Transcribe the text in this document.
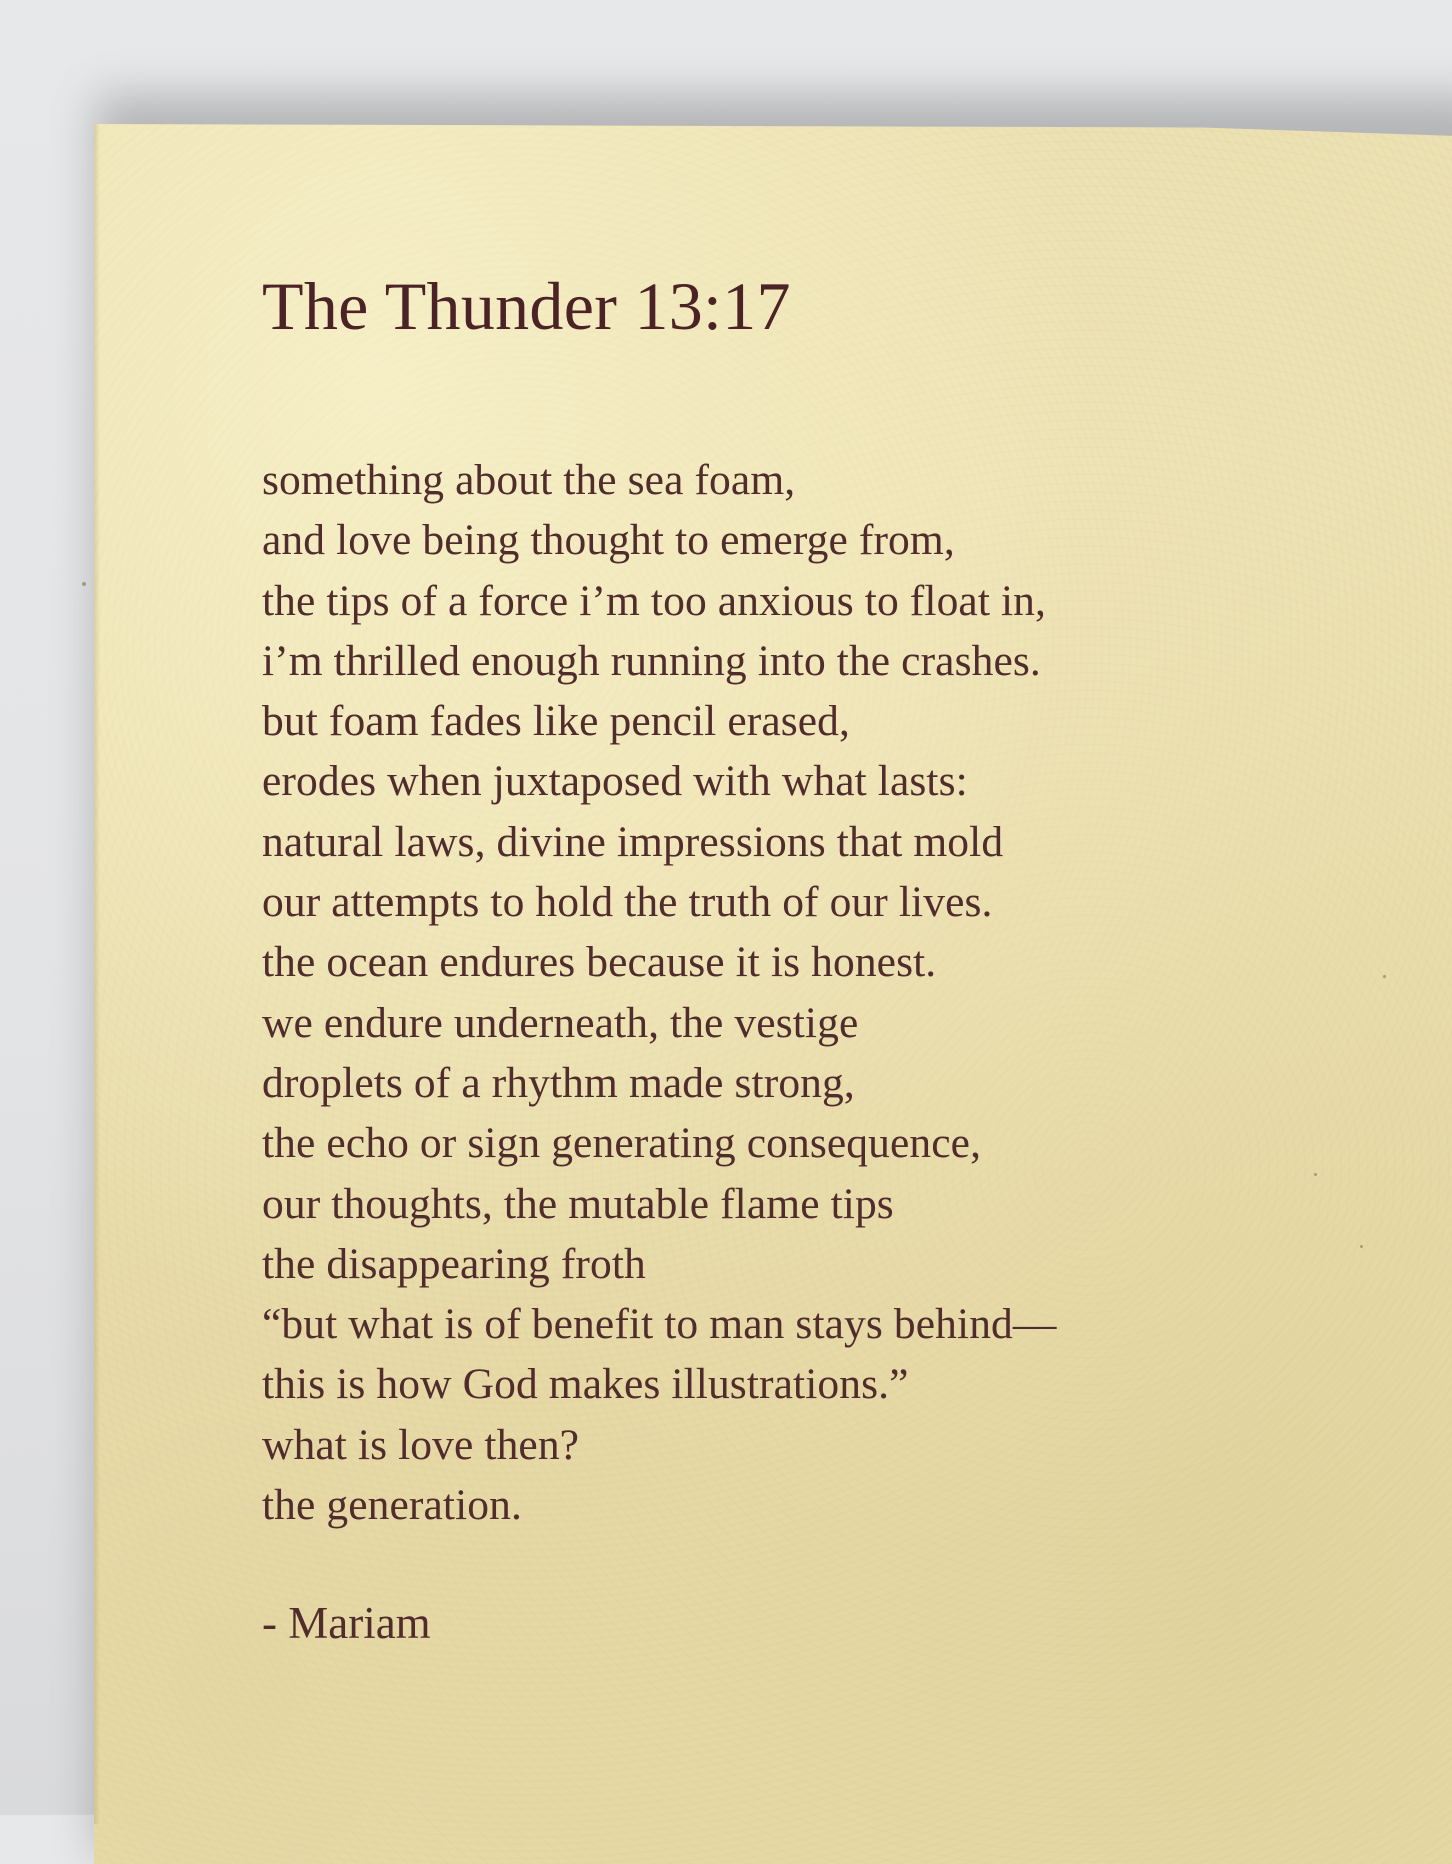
The Thunder 13:17
something about the sea foam,
and love being thought to emerge from,
the tips of a force i’m too anxious to float in,
i’m thrilled enough running into the crashes.
but foam fades like pencil erased,
erodes when juxtaposed with what lasts:
natural laws, divine impressions that mold
our attempts to hold the truth of our lives.
the ocean endures because it is honest.
we endure underneath, the vestige
droplets of a rhythm made strong,
the echo or sign generating consequence,
our thoughts, the mutable flame tips
the disappearing froth
“but what is of benefit to man stays behind—
this is how God makes illustrations.”
what is love then?
the generation.
- Mariam
